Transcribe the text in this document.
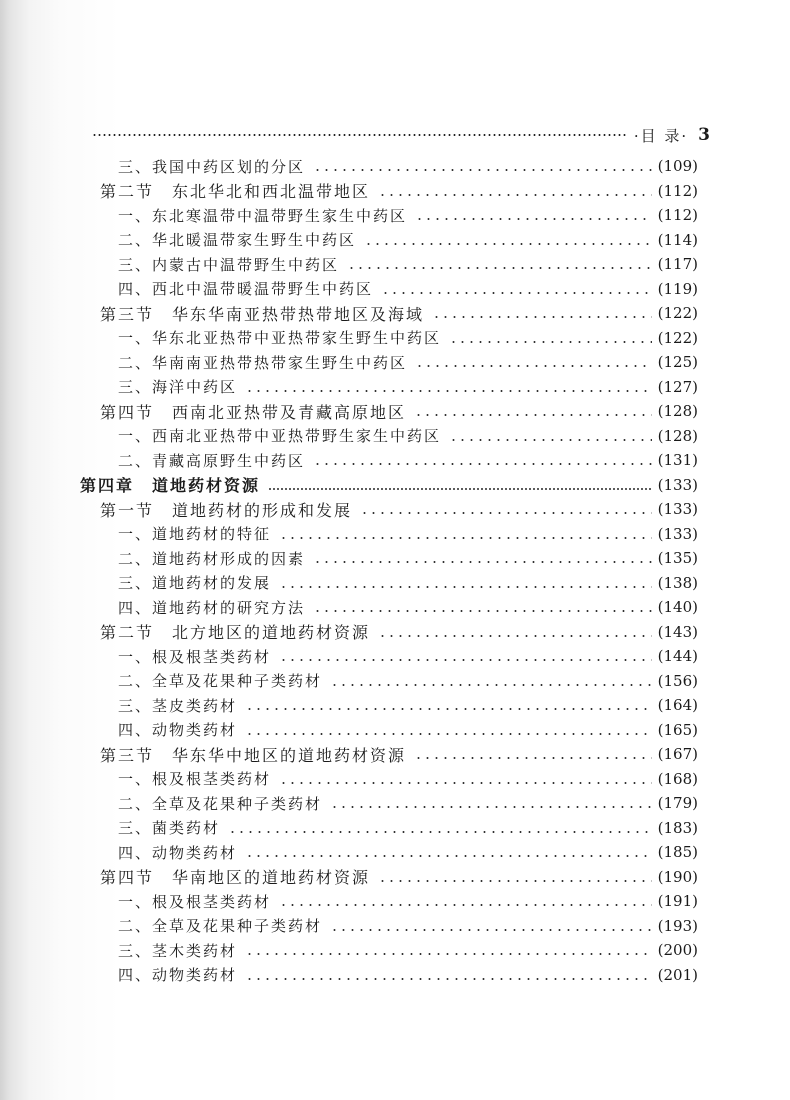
·目 录· 3
三、我国中药区划的分区	(109)
第二节　东北华北和西北温带地区	(112)
一、东北寒温带中温带野生家生中药区	(112)
二、华北暖温带家生野生中药区	(114)
三、内蒙古中温带野生中药区	(117)
四、西北中温带暖温带野生中药区	(119)
第三节　华东华南亚热带热带地区及海域	(122)
一、华东北亚热带中亚热带家生野生中药区	(122)
二、华南南亚热带热带家生野生中药区	(125)
三、海洋中药区	(127)
第四节　西南北亚热带及青藏高原地区	(128)
一、西南北亚热带中亚热带野生家生中药区	(128)
二、青藏高原野生中药区	(131)
第四章　道地药材资源	(133)
第一节　道地药材的形成和发展	(133)
一、道地药材的特征	(133)
二、道地药材形成的因素	(135)
三、道地药材的发展	(138)
四、道地药材的研究方法	(140)
第二节　北方地区的道地药材资源	(143)
一、根及根茎类药材	(144)
二、全草及花果种子类药材	(156)
三、茎皮类药材	(164)
四、动物类药材	(165)
第三节　华东华中地区的道地药材资源	(167)
一、根及根茎类药材	(168)
二、全草及花果种子类药材	(179)
三、菌类药材	(183)
四、动物类药材	(185)
第四节　华南地区的道地药材资源	(190)
一、根及根茎类药材	(191)
二、全草及花果种子类药材	(193)
三、茎木类药材	(200)
四、动物类药材	(201)
